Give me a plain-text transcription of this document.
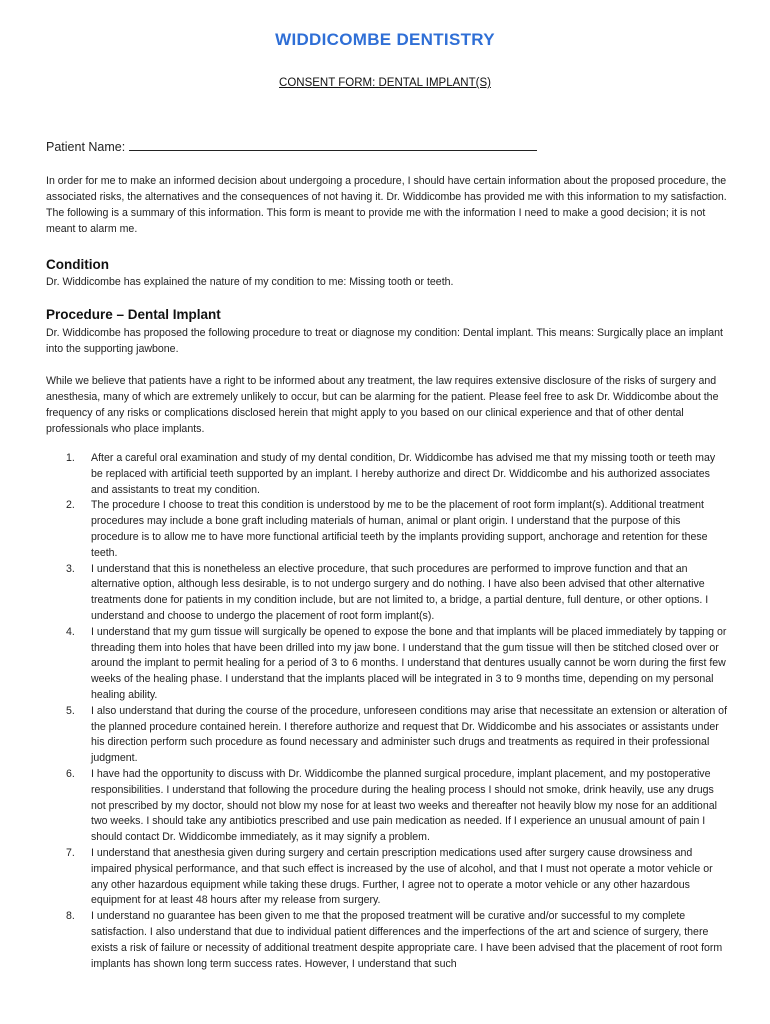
WIDDICOMBE DENTISTRY
CONSENT FORM: DENTAL IMPLANT(S)
Patient Name:
In order for me to make an informed decision about undergoing a procedure, I should have certain information about the proposed procedure, the associated risks, the alternatives and the consequences of not having it. Dr. Widdicombe has provided me with this information to my satisfaction. The following is a summary of this information. This form is meant to provide me with the information I need to make a good decision; it is not meant to alarm me.
Condition
Dr. Widdicombe has explained the nature of my condition to me: Missing tooth or teeth.
Procedure – Dental Implant
Dr. Widdicombe has proposed the following procedure to treat or diagnose my condition: Dental implant. This means: Surgically place an implant into the supporting jawbone.
While we believe that patients have a right to be informed about any treatment, the law requires extensive disclosure of the risks of surgery and anesthesia, many of which are extremely unlikely to occur, but can be alarming for the patient. Please feel free to ask Dr. Widdicombe about the frequency of any risks or complications disclosed herein that might apply to you based on our clinical experience and that of other dental professionals who place implants.
1. After a careful oral examination and study of my dental condition, Dr. Widdicombe has advised me that my missing tooth or teeth may be replaced with artificial teeth supported by an implant. I hereby authorize and direct Dr. Widdicombe and his authorized associates and assistants to treat my condition.
2. The procedure I choose to treat this condition is understood by me to be the placement of root form implant(s). Additional treatment procedures may include a bone graft including materials of human, animal or plant origin. I understand that the purpose of this procedure is to allow me to have more functional artificial teeth by the implants providing support, anchorage and retention for these teeth.
3. I understand that this is nonetheless an elective procedure, that such procedures are performed to improve function and that an alternative option, although less desirable, is to not undergo surgery and do nothing. I have also been advised that other alternative treatments done for patients in my condition include, but are not limited to, a bridge, a partial denture, full denture, or other options. I understand and choose to undergo the placement of root form implant(s).
4. I understand that my gum tissue will surgically be opened to expose the bone and that implants will be placed immediately by tapping or threading them into holes that have been drilled into my jaw bone. I understand that the gum tissue will then be stitched closed over or around the implant to permit healing for a period of 3 to 6 months. I understand that dentures usually cannot be worn during the first few weeks of the healing phase. I understand that the implants placed will be integrated in 3 to 9 months time, depending on my personal healing ability.
5. I also understand that during the course of the procedure, unforeseen conditions may arise that necessitate an extension or alteration of the planned procedure contained herein. I therefore authorize and request that Dr. Widdicombe and his associates or assistants under his direction perform such procedure as found necessary and administer such drugs and treatments as required in their professional judgment.
6. I have had the opportunity to discuss with Dr. Widdicombe the planned surgical procedure, implant placement, and my postoperative responsibilities. I understand that following the procedure during the healing process I should not smoke, drink heavily, use any drugs not prescribed by my doctor, should not blow my nose for at least two weeks and thereafter not heavily blow my nose for an additional two weeks. I should take any antibiotics prescribed and use pain medication as needed. If I experience an unusual amount of pain I should contact Dr. Widdicombe immediately, as it may signify a problem.
7. I understand that anesthesia given during surgery and certain prescription medications used after surgery cause drowsiness and impaired physical performance, and that such effect is increased by the use of alcohol, and that I must not operate a motor vehicle or any other hazardous equipment while taking these drugs. Further, I agree not to operate a motor vehicle or any other hazardous equipment for at least 48 hours after my release from surgery.
8. I understand no guarantee has been given to me that the proposed treatment will be curative and/or successful to my complete satisfaction. I also understand that due to individual patient differences and the imperfections of the art and science of surgery, there exists a risk of failure or necessity of additional treatment despite appropriate care. I have been advised that the placement of root form implants has shown long term success rates. However, I understand that such
